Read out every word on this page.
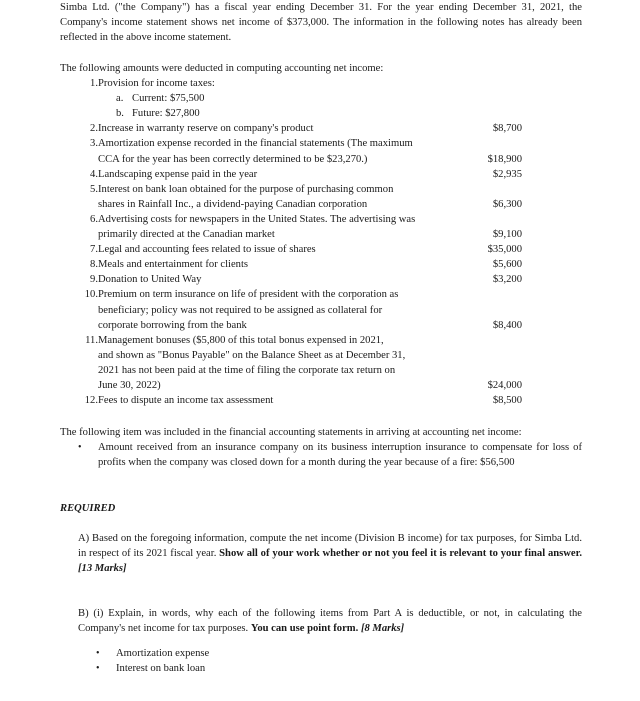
Simba Ltd. ("the Company") has a fiscal year ending December 31. For the year ending December 31, 2021, the Company's income statement shows net income of $373,000. The information in the following notes has already been reflected in the above income statement.
The following amounts were deducted in computing accounting net income:
1. Provision for income taxes:
a. Current: $75,500
b. Future: $27,800
2. Increase in warranty reserve on company's product	$8,700
3. Amortization expense recorded in the financial statements (The maximum
CCA for the year has been correctly determined to be $23,270.)	$18,900
4. Landscaping expense paid in the year	$2,935
5. Interest on bank loan obtained for the purpose of purchasing common
shares in Rainfall Inc., a dividend-paying Canadian corporation	$6,300
6. Advertising costs for newspapers in the United States. The advertising was
primarily directed at the Canadian market	$9,100
7. Legal and accounting fees related to issue of shares	$35,000
8. Meals and entertainment for clients	$5,600
9. Donation to United Way	$3,200
10. Premium on term insurance on life of president with the corporation as
beneficiary; policy was not required to be assigned as collateral for
corporate borrowing from the bank	$8,400
11. Management bonuses ($5,800 of this total bonus expensed in 2021,
and shown as "Bonus Payable" on the Balance Sheet as at December 31,
2021 has not been paid at the time of filing the corporate tax return on
June 30, 2022)	$24,000
12. Fees to dispute an income tax assessment	$8,500
The following item was included in the financial accounting statements in arriving at accounting net income:
• Amount received from an insurance company on its business interruption insurance to compensate for loss of profits when the company was closed down for a month during the year because of a fire: $56,500
REQUIRED
A) Based on the foregoing information, compute the net income (Division B income) for tax purposes, for Simba Ltd. in respect of its 2021 fiscal year. Show all of your work whether or not you feel it is relevant to your final answer. [13 Marks]
B) (i) Explain, in words, why each of the following items from Part A is deductible, or not, in calculating the Company's net income for tax purposes. You can use point form. [8 Marks]
• Amortization expense
• Interest on bank loan
